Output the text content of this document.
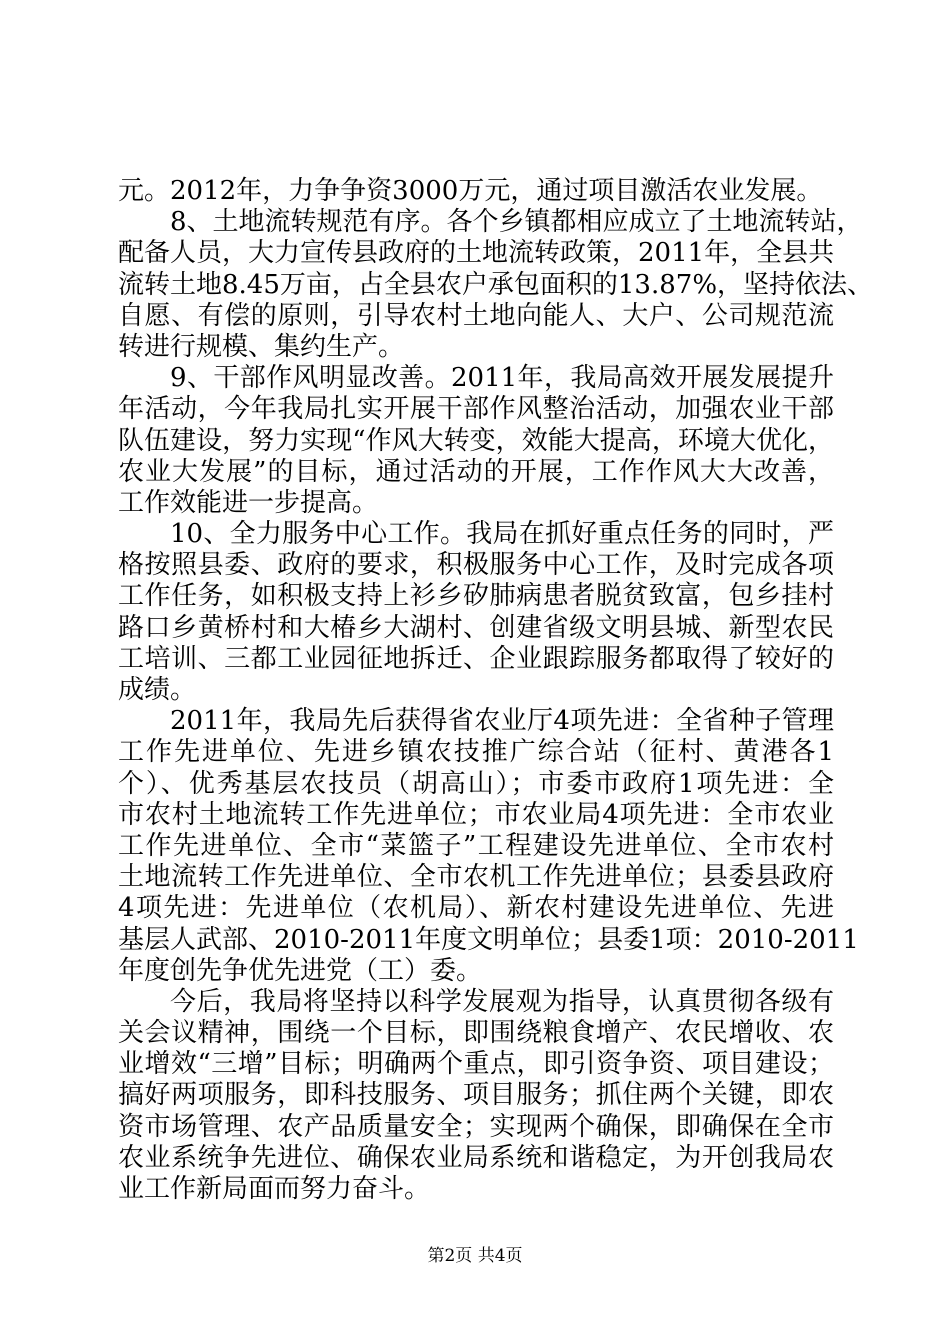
元。2012年，力争争资3000万元，通过项目激活农业发展。
8、土地流转规范有序。各个乡镇都相应成立了土地流转站，
配备人员，大力宣传县政府的土地流转政策，2011年，全县共
流转土地8.45万亩，占全县农户承包面积的13.87%，坚持依法、
自愿、有偿的原则，引导农村土地向能人、大户、公司规范流
转进行规模、集约生产。
9、干部作风明显改善。2011年，我局高效开展发展提升
年活动，今年我局扎实开展干部作风整治活动，加强农业干部
队伍建设，努力实现“作风大转变，效能大提高，环境大优化，
农业大发展”的目标，通过活动的开展，工作作风大大改善，
工作效能进一步提高。
10、全力服务中心工作。我局在抓好重点任务的同时，严
格按照县委、政府的要求，积极服务中心工作，及时完成各项
工作任务，如积极支持上衫乡矽肺病患者脱贫致富，包乡挂村
路口乡黄桥村和大椿乡大湖村、创建省级文明县城、新型农民
工培训、三都工业园征地拆迁、企业跟踪服务都取得了较好的
成绩。
2011年，我局先后获得省农业厅4项先进：全省种子管理
工作先进单位、先进乡镇农技推广综合站（征村、黄港各1
个）、优秀基层农技员（胡高山）；市委市政府1项先进：全
市农村土地流转工作先进单位；市农业局4项先进：全市农业
工作先进单位、全市“菜篮子”工程建设先进单位、全市农村
土地流转工作先进单位、全市农机工作先进单位；县委县政府
4项先进：先进单位（农机局）、新农村建设先进单位、先进
基层人武部、2010-2011年度文明单位；县委1项：2010-2011
年度创先争优先进党（工）委。
今后，我局将坚持以科学发展观为指导，认真贯彻各级有
关会议精神，围绕一个目标，即围绕粮食增产、农民增收、农
业增效“三增”目标；明确两个重点，即引资争资、项目建设；
搞好两项服务，即科技服务、项目服务；抓住两个关键，即农
资市场管理、农产品质量安全；实现两个确保，即确保在全市
农业系统争先进位、确保农业局系统和谐稳定，为开创我局农
业工作新局面而努力奋斗。
第2页 共4页
